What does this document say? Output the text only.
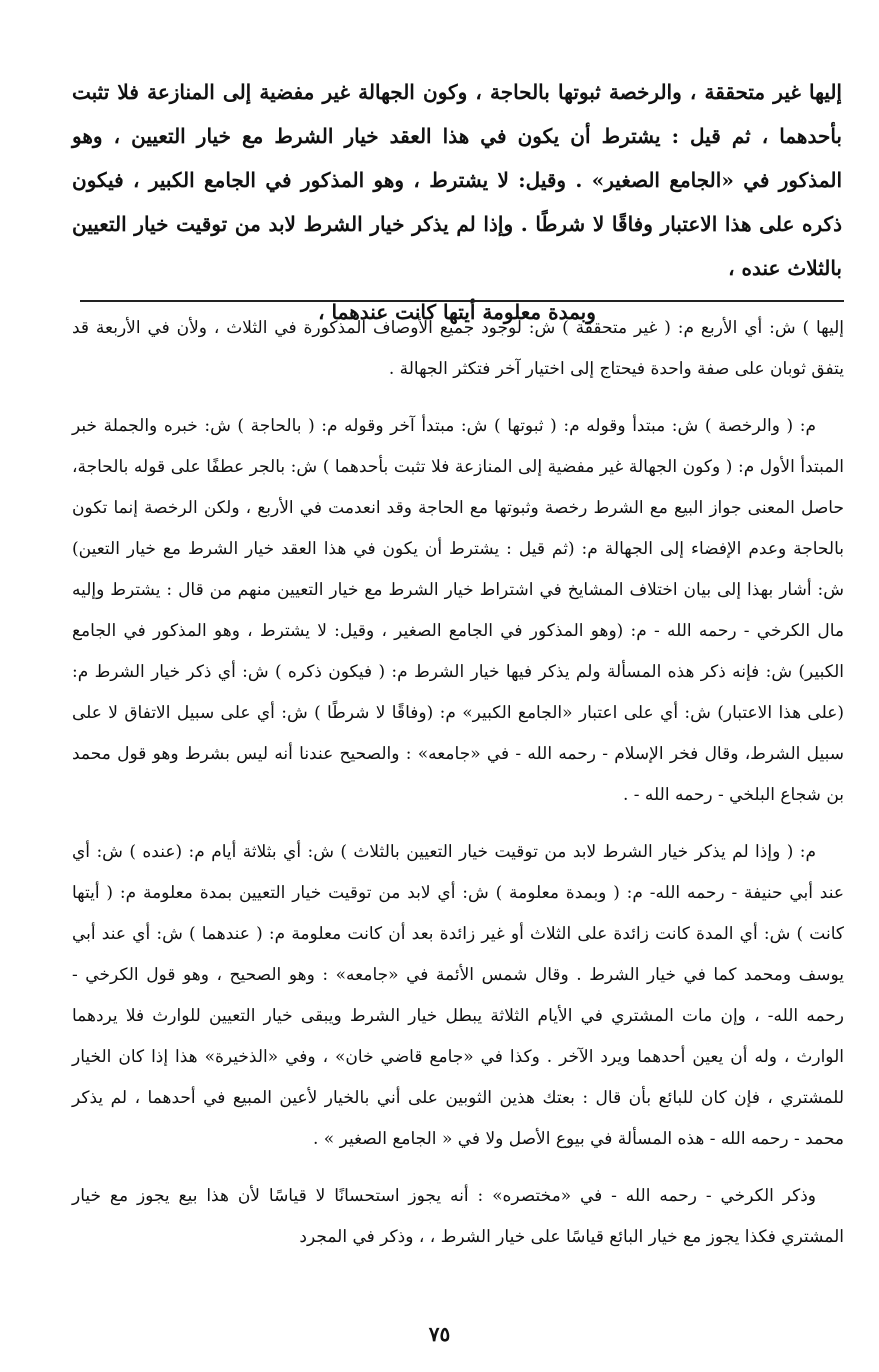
إليها غير متحققة ، والرخصة ثبوتها بالحاجة ، وكون الجهالة غير مفضية إلى المنازعة فلا تثبت بأحدهما ، ثم قيل : يشترط أن يكون في هذا العقد خيار الشرط مع خيار التعيين ، وهو المذكور في «الجامع الصغير» . وقيل: لا يشترط ، وهو المذكور في الجامع الكبير ، فيكون ذكره على هذا الاعتبار وفاقًا لا شرطًا . وإذا لم يذكر خيار الشرط لابد من توقيت خيار التعيين بالثلاث عنده ،
وبمدة معلومة أيتها كانت عندهما ،

إليها ) ش: أي الأربع م: ( غير متحققة ) ش: لوجود جميع الأوصاف المذكورة في الثلاث ، ولأن في الأربعة قد يتفق ثوبان على صفة واحدة فيحتاج إلى اختيار آخر فتكثر الجهالة .

م: ( والرخصة ) ش: مبتدأ وقوله م: ( ثبوتها ) ش: مبتدأ آخر وقوله م: ( بالحاجة ) ش: خبره والجملة خبر المبتدأ الأول م: ( وكون الجهالة غير مفضية إلى المنازعة فلا تثبت بأحدهما ) ش: بالجر عطفًا على قوله بالحاجة، حاصل المعنى جواز البيع مع الشرط رخصة وثبوتها مع الحاجة وقد انعدمت في الأربع ، ولكن الرخصة إنما تكون بالحاجة وعدم الإفضاء إلى الجهالة م: (ثم قيل : يشترط أن يكون في هذا العقد خيار الشرط مع خيار التعين) ش: أشار بهذا إلى بيان اختلاف المشايخ في اشتراط خيار الشرط مع خيار التعيين منهم من قال : يشترط وإليه مال الكرخي - رحمه الله - م: (وهو المذكور في الجامع الصغير ، وقيل: لا يشترط ، وهو المذكور في الجامع الكبير) ش: فإنه ذكر هذه المسألة ولم يذكر فيها خيار الشرط م: ( فيكون ذكره ) ش: أي ذكر خيار الشرط م: (على هذا الاعتبار) ش: أي على اعتبار «الجامع الكبير» م: (وفاقًا لا شرطًا ) ش: أي على سبيل الاتفاق لا على سبيل الشرط، وقال فخر الإسلام - رحمه الله - في «جامعه» : والصحيح عندنا أنه ليس بشرط وهو قول محمد بن شجاع البلخي - رحمه الله - .

م: ( وإذا لم يذكر خيار الشرط لابد من توقيت خيار التعيين بالثلاث ) ش: أي بثلاثة أيام م: (عنده ) ش: أي عند أبي حنيفة - رحمه الله- م: ( وبمدة معلومة ) ش: أي لابد من توقيت خيار التعيين بمدة معلومة م: ( أيتها كانت ) ش: أي المدة كانت زائدة على الثلاث أو غير زائدة بعد أن كانت معلومة م: ( عندهما ) ش: أي عند أبي يوسف ومحمد كما في خيار الشرط . وقال شمس الأئمة في «جامعه» : وهو الصحيح ، وهو قول الكرخي - رحمه الله- ، وإن مات المشتري في الأيام الثلاثة يبطل خيار الشرط ويبقى خيار التعيين للوارث فلا يردهما الوارث ، وله أن يعين أحدهما ويرد الآخر . وكذا في «جامع قاضي خان» ، وفي «الذخيرة» هذا إذا كان الخيار للمشتري ، فإن كان للبائع بأن قال : بعتك هذين الثوبين على أني بالخيار لأعين المبيع في أحدهما ، لم يذكر محمد - رحمه الله - هذه المسألة في بيوع الأصل ولا في « الجامع الصغير » .

وذكر الكرخي - رحمه الله - في «مختصره» : أنه يجوز استحسانًا لا قياسًا لأن هذا بيع يجوز مع خيار المشتري فكذا يجوز مع خيار البائع قياسًا على خيار الشرط ، ، وذكر في المجرد

٧٥
